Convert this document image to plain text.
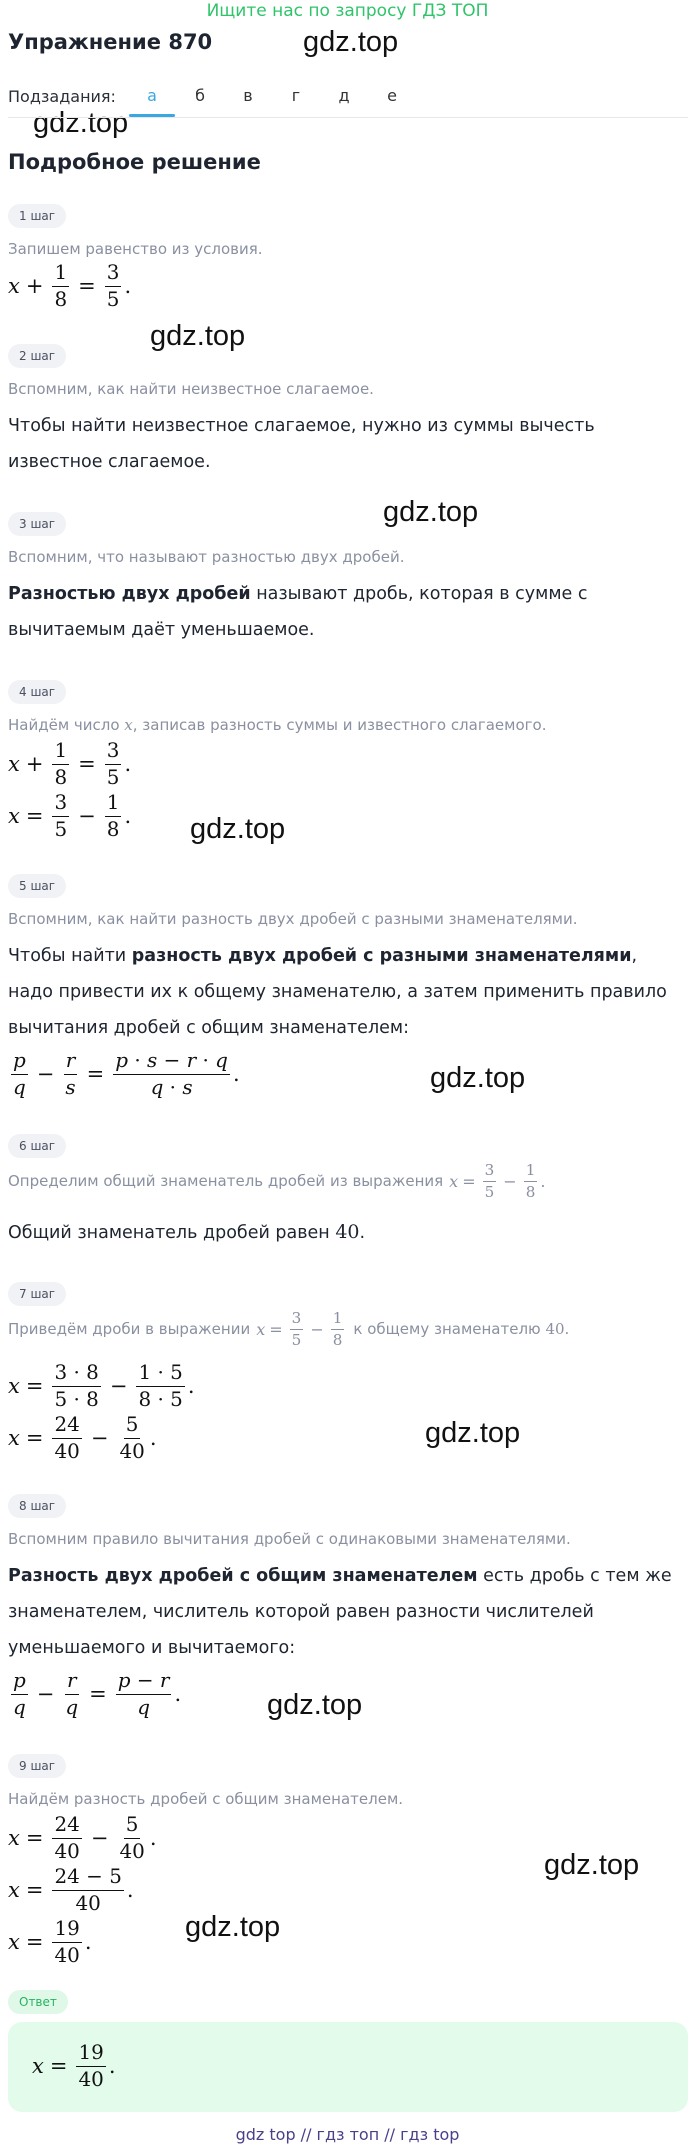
Ищите нас по запросу ГДЗ ТОП
Упражнение 870	gdz.top
gdz.top
gdz.top
gdz.top
gdz.top
gdz.top
gdz.top
gdz.top
gdz.top
gdz.top
Подзадания:	а	б	в	г	д	е
Подробное решение
1 шаг
Запишем равенство из условия.
$x + \frac{1}{8} = \frac{3}{5}$ .
2 шаг
Вспомним, как найти неизвестное слагаемое.
Чтобы найти неизвестное слагаемое, нужно из суммы вычесть известное слагаемое.
3 шаг
Вспомним, что называют разностью двух дробей.
Разностью двух дробей называют дробь, которая в сумме с вычитаемым даёт уменьшаемое.
4 шаг
Найдём число x, записав разность суммы и известного слагаемого.
$x + \frac{1}{8} = \frac{3}{5}$ .
$x = \frac{3}{5} - \frac{1}{8}$ .
5 шаг
Вспомним, как найти разность двух дробей с разными знаменателями.
Чтобы найти разность двух дробей с разными знаменателями, надо привести их к общему знаменателю, а затем применить правило вычитания дробей с общим знаменателем:
$\frac{p}{q} - \frac{r}{s} = \frac{p \cdot s - r \cdot q}{q \cdot s}$ .
6 шаг
Определим общий знаменатель дробей из выражения $x = \frac{3}{5} - \frac{1}{8}$ .
Общий знаменатель дробей равен 40.
7 шаг
Приведём дроби в выражении $x = \frac{3}{5} - \frac{1}{8}$ к общему знаменателю
40 .
$x = \frac{3 \cdot 8}{5 \cdot 8} - \frac{1 \cdot 5}{8 \cdot 5}$ .
$x = \frac{24}{40} - \frac{5}{40}$ .
8 шаг
Вспомним правило вычитания дробей с одинаковыми знаменателями.
Разность двух дробей с общим знаменателем есть дробь с тем же знаменателем, числитель которой равен разности числителей уменьшаемого и вычитаемого:
$\frac{p}{q} - \frac{r}{q} = \frac{p - r}{q}$ .
9 шаг
Найдём разность дробей с общим знаменателем.
$x = \frac{24}{40} - \frac{5}{40}$ .
$x = \frac{24 - 5}{40}$ .
$x = \frac{19}{40}$ .
Ответ
$x = \frac{19}{40}$ .
gdz top // гдз топ // гдз top
